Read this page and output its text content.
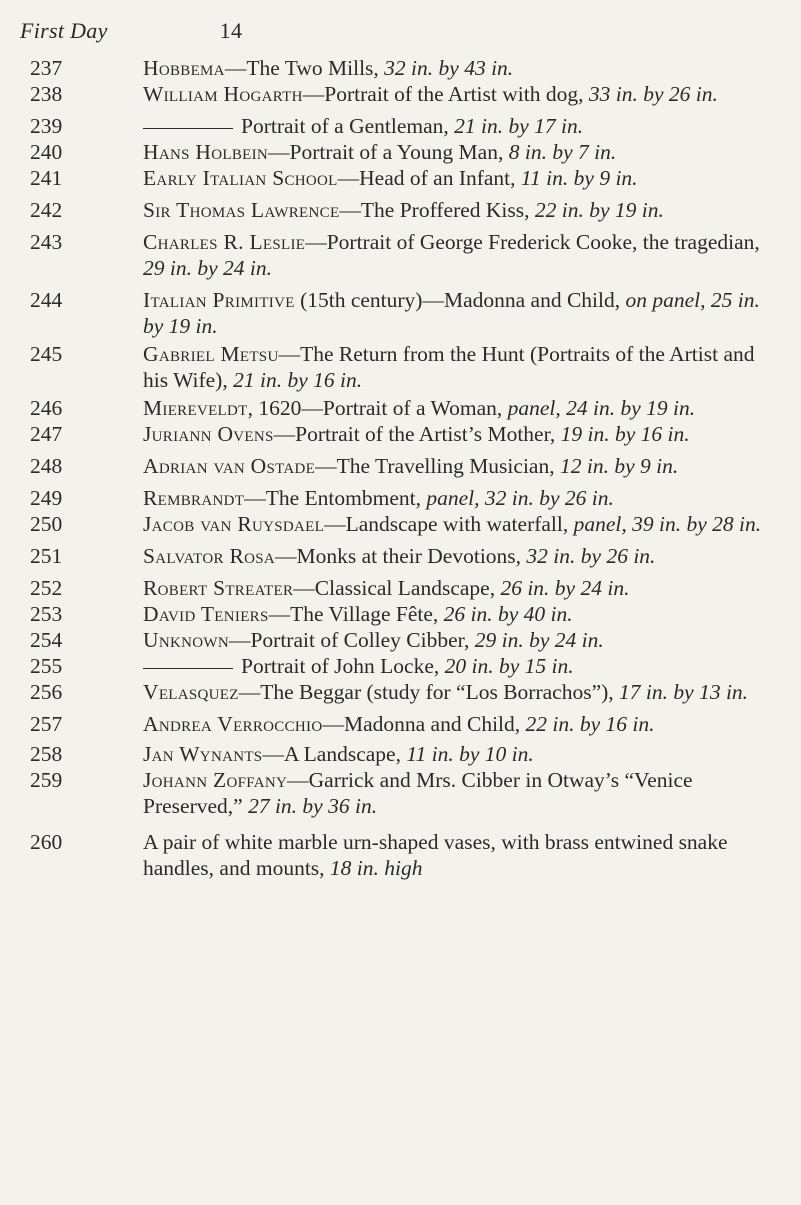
First Day	14
237	Hobbema—The Two Mills, 32 in. by 43 in.
238	William Hogarth—Portrait of the Artist with dog, 33 in. by 26 in.
239	Portrait of a Gentleman, 21 in. by 17 in.
240	Hans Holbein—Portrait of a Young Man, 8 in. by 7 in.
241	Early Italian School—Head of an Infant, 11 in. by 9 in.
242	Sir Thomas Lawrence—The Proffered Kiss, 22 in. by 19 in.
243	Charles R. Leslie—Portrait of George Frederick Cooke, the tragedian, 29 in. by 24 in.
244	Italian Primitive (15th century)—Madonna and Child, on panel, 25 in. by 19 in.
245	Gabriel Metsu—The Return from the Hunt (Portraits of the Artist and his Wife), 21 in. by 16 in.
246	Miereveldt, 1620—Portrait of a Woman, panel, 24 in. by 19 in.
247	Juriann Ovens—Portrait of the Artist’s Mother, 19 in. by 16 in.
248	Adrian van Ostade—The Travelling Musician, 12 in. by 9 in.
249	Rembrandt—The Entombment, panel, 32 in. by 26 in.
250	Jacob van Ruysdael—Landscape with waterfall, panel, 39 in. by 28 in.
251	Salvator Rosa—Monks at their Devotions, 32 in. by 26 in.
252	Robert Streater—Classical Landscape, 26 in. by 24 in.
253	David Teniers—The Village Fête, 26 in. by 40 in.
254	Unknown—Portrait of Colley Cibber, 29 in. by 24 in.
255	Portrait of John Locke, 20 in. by 15 in.
256	Velasquez—The Beggar (study for “Los Borrachos”), 17 in. by 13 in.
257	Andrea Verrocchio—Madonna and Child, 22 in. by 16 in.
258	Jan Wynants—A Landscape, 11 in. by 10 in.
259	Johann Zoffany—Garrick and Mrs. Cibber in Otway’s “Venice Preserved,” 27 in. by 36 in.
260	A pair of white marble urn-shaped vases, with brass entwined snake handles, and mounts, 18 in. high
